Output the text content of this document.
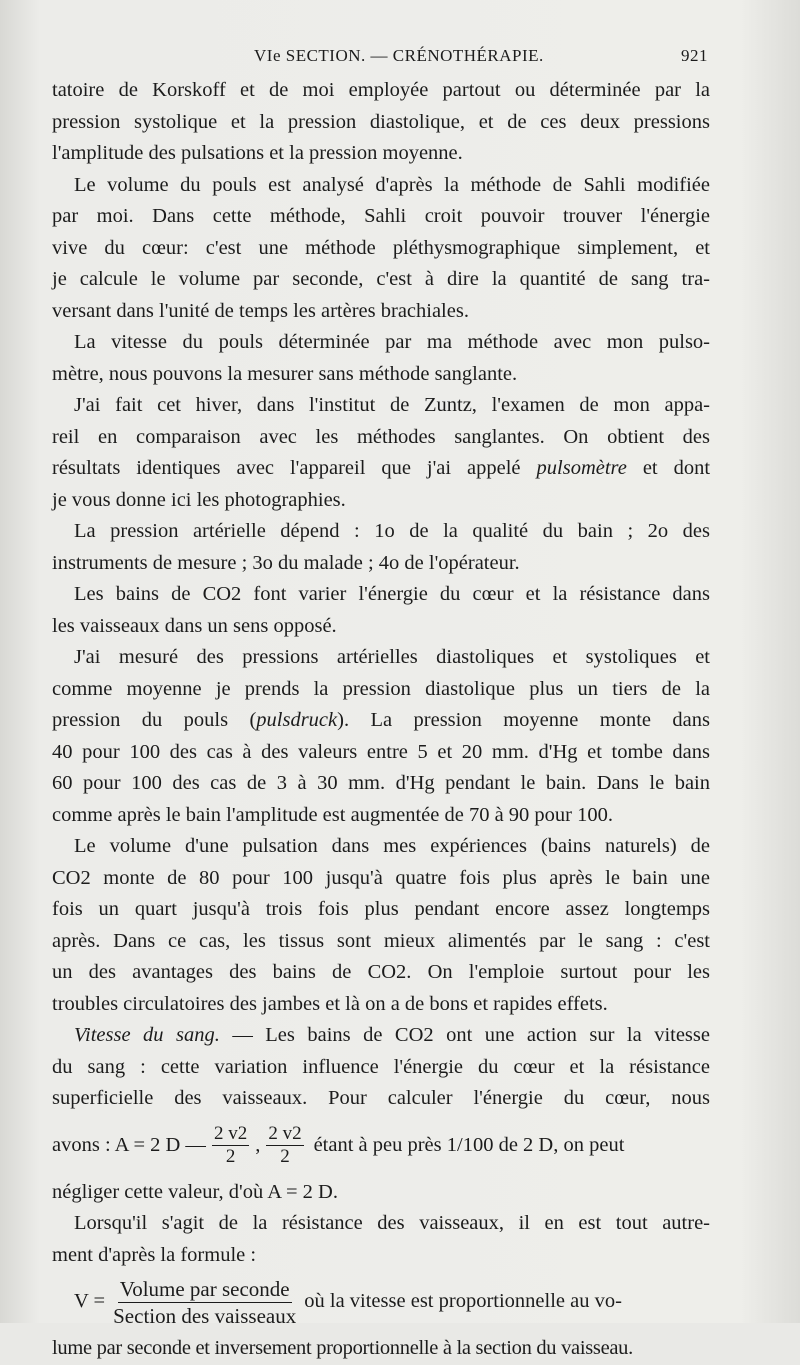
VIe SECTION. — CRÉNOTHÉRAPIE.	921
tatoire de Korskoff et de moi employée partout ou déterminée par la
pression systolique et la pression diastolique, et de ces deux pressions
l'amplitude des pulsations et la pression moyenne.
Le volume du pouls est analysé d'après la méthode de Sahli modifiée
par moi. Dans cette méthode, Sahli croit pouvoir trouver l'énergie
vive du cœur: c'est une méthode pléthysmographique simplement, et
je calcule le volume par seconde, c'est à dire la quantité de sang tra-
versant dans l'unité de temps les artères brachiales.
La vitesse du pouls déterminée par ma méthode avec mon pulso-
mètre, nous pouvons la mesurer sans méthode sanglante.
J'ai fait cet hiver, dans l'institut de Zuntz, l'examen de mon appa-
reil en comparaison avec les méthodes sanglantes. On obtient des
résultats identiques avec l'appareil que j'ai appelé pulsomètre et dont
je vous donne ici les photographies.
La pression artérielle dépend : 1o de la qualité du bain ; 2o des
instruments de mesure ; 3o du malade ; 4o de l'opérateur.
Les bains de CO2 font varier l'énergie du cœur et la résistance dans
les vaisseaux dans un sens opposé.
J'ai mesuré des pressions artérielles diastoliques et systoliques et
comme moyenne je prends la pression diastolique plus un tiers de la
pression du pouls (pulsdruck). La pression moyenne monte dans
40 pour 100 des cas à des valeurs entre 5 et 20 mm. d'Hg et tombe dans
60 pour 100 des cas de 3 à 30 mm. d'Hg pendant le bain. Dans le bain
comme après le bain l'amplitude est augmentée de 70 à 90 pour 100.
Le volume d'une pulsation dans mes expériences (bains naturels) de
CO2 monte de 80 pour 100 jusqu'à quatre fois plus après le bain une
fois un quart jusqu'à trois fois plus pendant encore assez longtemps
après. Dans ce cas, les tissus sont mieux alimentés par le sang : c'est
un des avantages des bains de CO2. On l'emploie surtout pour les
troubles circulatoires des jambes et là on a de bons et rapides effets.
Vitesse du sang. — Les bains de CO2 ont une action sur la vitesse
du sang : cette variation influence l'énergie du cœur et la résistance
superficielle des vaisseaux. Pour calculer l'énergie du cœur, nous
avons : A = 2 D — $\frac{2 v2}{2}$ , $\frac{2 v2}{2}$ étant à peu près 1/100 de 2 D, on peut
négliger cette valeur, d'où A = 2 D.
Lorsqu'il s'agit de la résistance des vaisseaux, il en est tout autre-
ment d'après la formule :
$V = \frac{\text{Volume par seconde}}{\text{Section des vaisseaux}}$ où la vitesse est proportionnelle au vo-
lume par seconde et inversement proportionnelle à la section du vaisseau.
